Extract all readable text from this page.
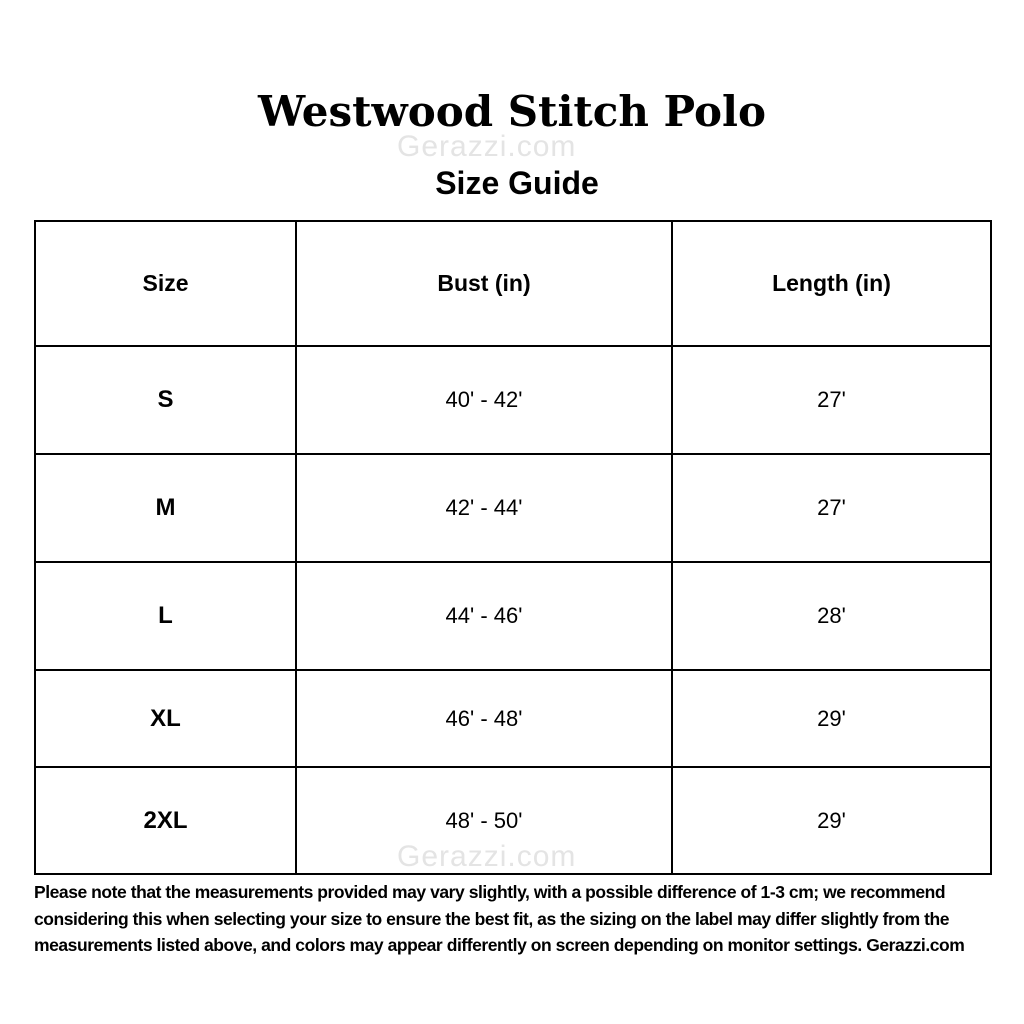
Westwood Stitch Polo
Gerazzi.com
Size Guide
Size	Bust (in)	Length (in)
S	40' - 42'	27'
M	42' - 44'	27'
L	44' - 46'	28'
XL	46' - 48'	29'
2XL	48' - 50'	29'
Gerazzi.com
Please note that the measurements provided may vary slightly, with a possible difference of 1-3 cm; we recommend
considering this when selecting your size to ensure the best fit, as the sizing on the label may differ slightly from the
measurements listed above, and colors may appear differently on screen depending on monitor settings. Gerazzi.com
